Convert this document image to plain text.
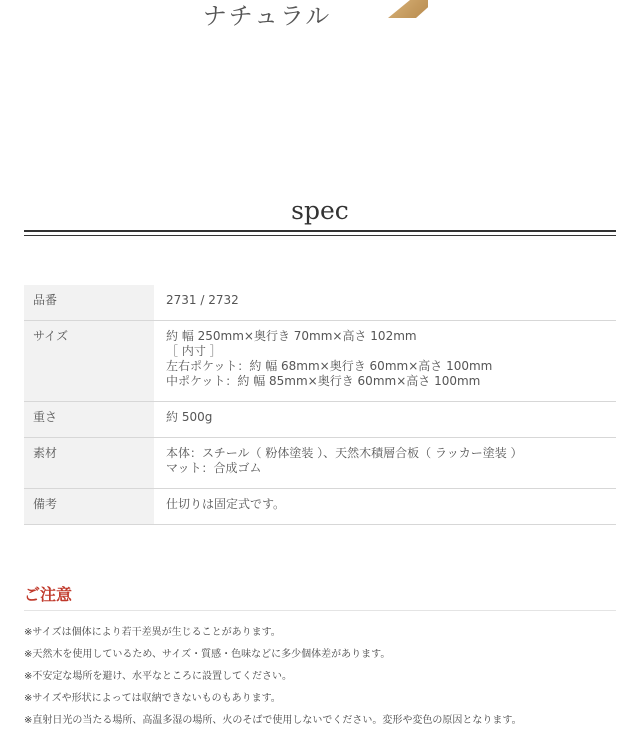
ナチュラル
spec
品番	2731 / 2732

サイズ	約 幅 250mm×奥行き 70mm×高さ 102mm
［ 内寸 ］
左右ポケット：約 幅 68mm×奥行き 60mm×高さ 100mm
中ポケット：約 幅 85mm×奥行き 60mm×高さ 100mm

重さ	約 500g

素材	本体：スチール（ 粉体塗装 ）、天然木積層合板（ ラッカー塗装 ）
マット：合成ゴム

備考	仕切りは固定式です。
ご注意
※サイズは個体により若干差異が生じることがあります。
※天然木を使用しているため、サイズ・質感・色味などに多少個体差があります。
※不安定な場所を避け、水平なところに設置してください。
※サイズや形状によっては収納できないものもあります。
※直射日光の当たる場所、高温多湿の場所、火のそばで使用しないでください。変形や変色の原因となります。
